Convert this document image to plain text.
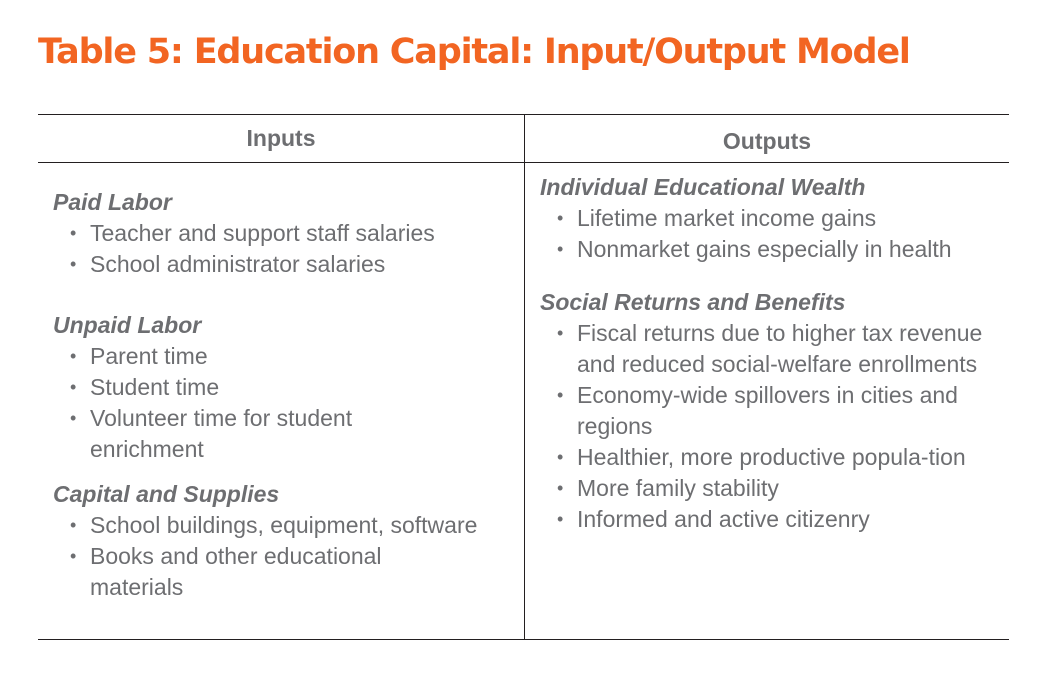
Table 5: Education Capital: Input/Output Model
Inputs	Outputs

Paid Labor

• Teacher and support staff salaries
• School administrator salaries

Unpaid Labor

• Parent time
• Student time
• Volunteer time for student enrichment

Capital and Supplies

• School buildings, equipment, software
• Books and other educational materials

Individual Educational Wealth

• Lifetime market income gains
• Nonmarket gains especially in health

Social Returns and Benefits

• Fiscal returns due to higher tax revenue and reduced social-welfare enrollments
• Economy-wide spillovers in cities and regions
• Healthier, more productive popula-tion
• More family stability
• Informed and active citizenry
